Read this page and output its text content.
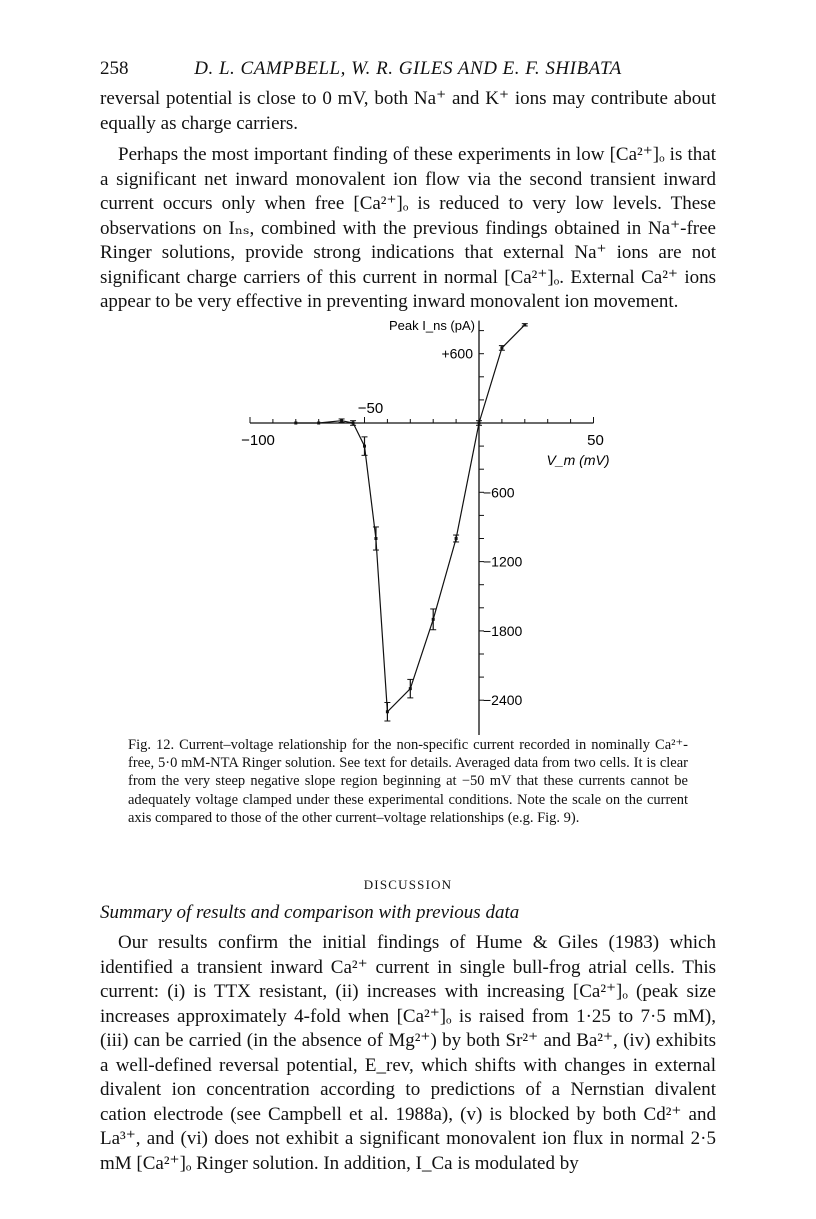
258	D. L. CAMPBELL, W. R. GILES AND E. F. SHIBATA

reversal potential is close to 0 mV, both Na⁺ and K⁺ ions may contribute about equally as charge carriers.

Perhaps the most important finding of these experiments in low [Ca²⁺]ₒ is that a significant net inward monovalent ion flow via the second transient inward current occurs only when free [Ca²⁺]ₒ is reduced to very low levels. These observations on Iₙₛ, combined with the previous findings obtained in Na⁺-free Ringer solutions, provide strong indications that external Na⁺ ions are not significant charge carriers of this current in normal [Ca²⁺]ₒ. External Ca²⁺ ions appear to be very effective in preventing inward monovalent ion movement.

−100
−50
50
+600
−600
−1200
−1800
−2400
Peak I_ns (pA)
V_m (mV)

Fig. 12. Current–voltage relationship for the non-specific current recorded in nominally Ca²⁺-free, 5·0 mM-NTA Ringer solution. See text for details. Averaged data from two cells. It is clear from the very steep negative slope region beginning at −50 mV that these currents cannot be adequately voltage clamped under these experimental conditions. Note the scale on the current axis compared to those of the other current–voltage relationships (e.g. Fig. 9).

DISCUSSION
Summary of results and comparison with previous data

Our results confirm the initial findings of Hume & Giles (1983) which identified a transient inward Ca²⁺ current in single bull-frog atrial cells. This current: (i) is TTX resistant, (ii) increases with increasing [Ca²⁺]ₒ (peak size increases approximately 4-fold when [Ca²⁺]ₒ is raised from 1·25 to 7·5 mM), (iii) can be carried (in the absence of Mg²⁺) by both Sr²⁺ and Ba²⁺, (iv) exhibits a well-defined reversal potential, E_rev, which shifts with changes in external divalent ion concentration according to predictions of a Nernstian divalent cation electrode (see Campbell et al. 1988a), (v) is blocked by both Cd²⁺ and La³⁺, and (vi) does not exhibit a significant monovalent ion flux in normal 2·5 mM [Ca²⁺]ₒ Ringer solution. In addition, I_Ca is modulated by
